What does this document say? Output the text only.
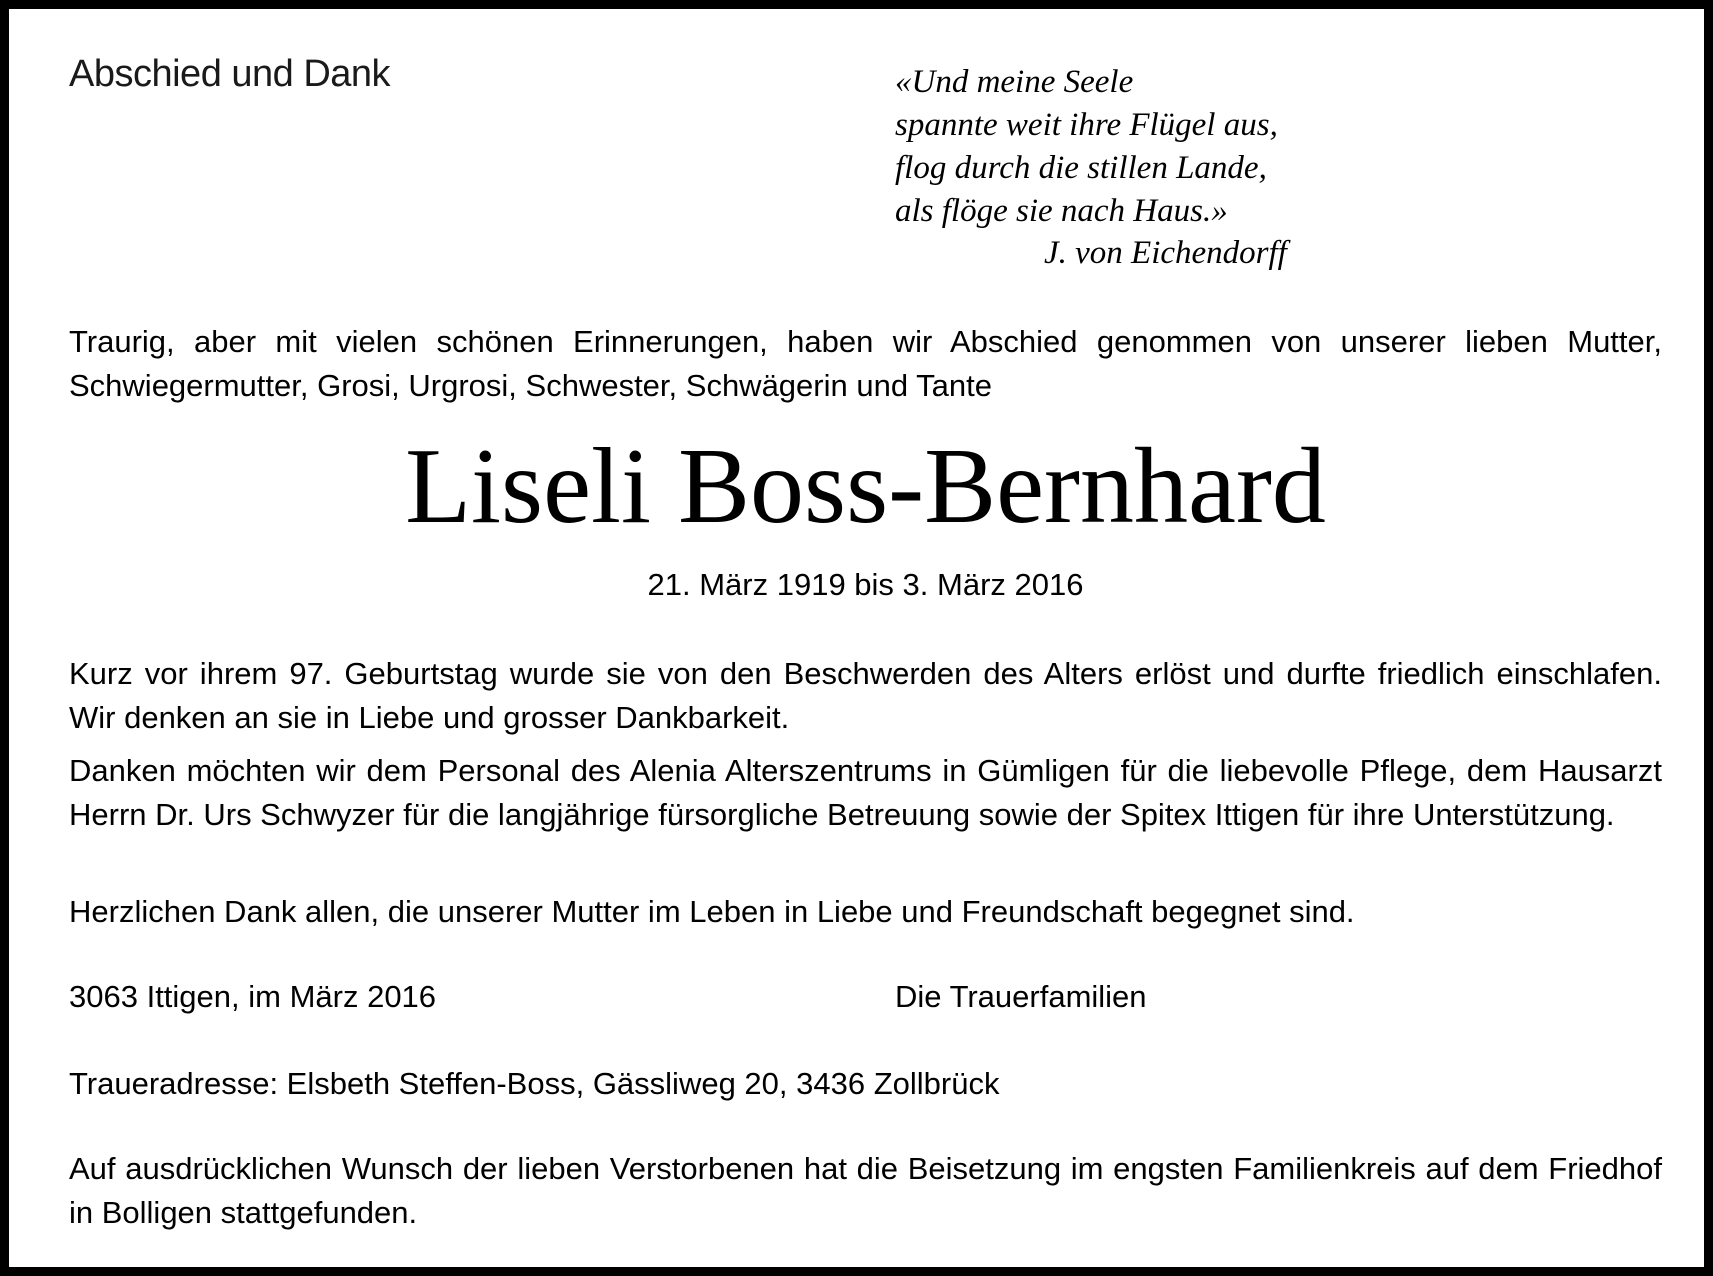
Abschied und Dank	«Und meine Seele
spannte weit ihre Flügel aus,
flog durch die stillen Lande,
als flöge sie nach Haus.»
J. von Eichendorff
Traurig, aber mit vielen schönen Erinnerungen, haben wir Abschied genommen von unserer lieben Mutter, Schwiegermutter, Grosi, Urgrosi, Schwester, Schwägerin und Tante
Liseli Boss-Bernhard
21. März 1919 bis 3. März 2016
Kurz vor ihrem 97. Geburtstag wurde sie von den Beschwerden des Alters erlöst und durfte friedlich einschlafen. Wir denken an sie in Liebe und grosser Dankbarkeit.
Danken möchten wir dem Personal des Alenia Alterszentrums in Gümligen für die liebevolle Pflege, dem Hausarzt Herrn Dr. Urs Schwyzer für die langjährige fürsorgliche Betreuung sowie der Spitex Ittigen für ihre Unterstützung.
Herzlichen Dank allen, die unserer Mutter im Leben in Liebe und Freundschaft begegnet sind.
3063 Ittigen, im März 2016	Die Trauerfamilien
Traueradresse: Elsbeth Steffen-Boss, Gässliweg 20, 3436 Zollbrück
Auf ausdrücklichen Wunsch der lieben Verstorbenen hat die Beisetzung im engsten Familienkreis auf dem Friedhof in Bolligen stattgefunden.
